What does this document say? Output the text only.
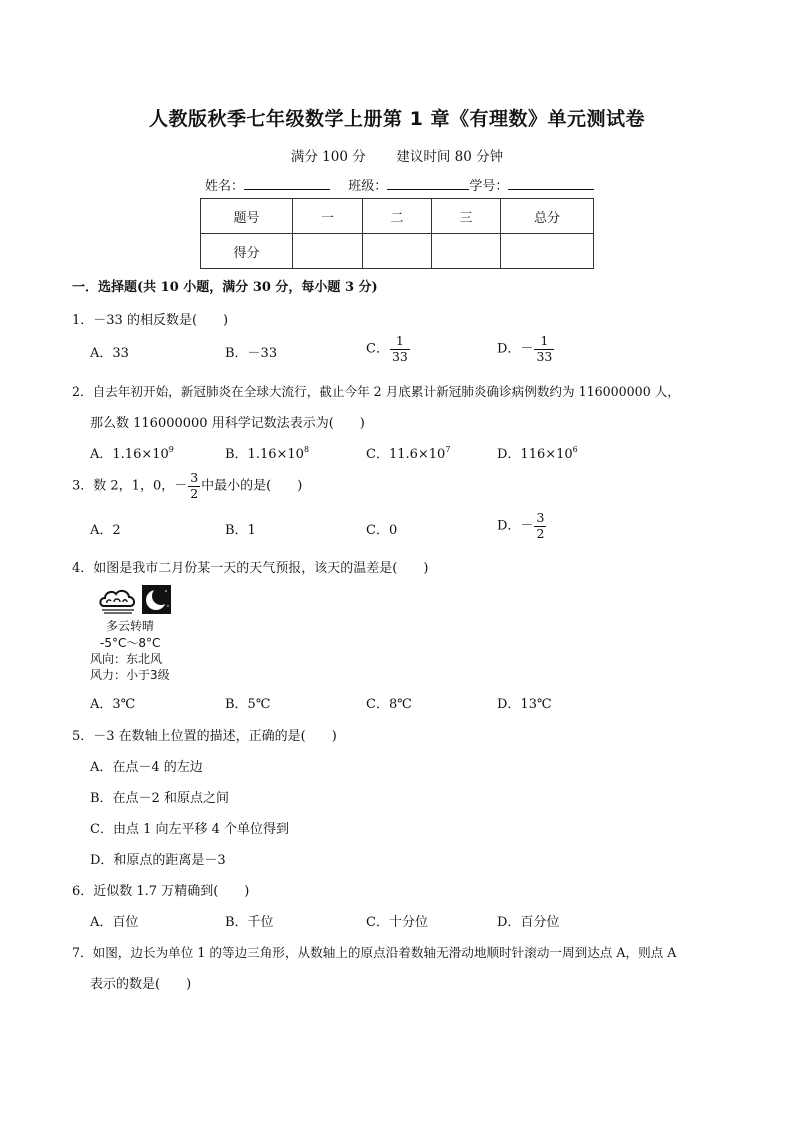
人教版秋季七年级数学上册第 1 章《有理数》单元测试卷
满分 100 分 建议时间 80 分钟
姓名：	班级：	学号：
题号	一	二	三	总分
得分				
一．选择题(共 10 小题，满分 30 分，每小题 3 分)
1．－33 的相反数是(　　)
A．33	B．－33	C． $\frac{1}{33}$	D．－ $\frac{1}{33}$
2．自去年初开始，新冠肺炎在全球大流行，截止今年 2 月底累计新冠肺炎确诊病例数约为 116000000 人，
那么数 116000000 用科学记数法表示为(　　)
A．$1.16\times 10^9$	B．$1.16\times 10^8$	C．$11.6\times 10^7$	D．$116\times 10^6$
3．数 2，1，0，－ $\frac{3}{2}$ 中最小的是(　　)
A．2	B．1	C．0	D．－ $\frac{3}{2}$
4．如图是我市二月份某一天的天气预报，该天的温差是(　　)
多云转晴
-5°C～8°C
风向：东北风
风力：小于3级
A．3℃	B．5℃	C．8℃	D．13℃
5．－3 在数轴上位置的描述，正确的是(　　)
A．在点－4 的左边
B．在点－2 和原点之间
C．由点 1 向左平移 4 个单位得到
D．和原点的距离是－3
6．近似数 1.7 万精确到(　　)
A．百位	B．千位	C．十分位	D．百分位
7．如图，边长为单位 1 的等边三角形，从数轴上的原点沿着数轴无滑动地顺时针滚动一周到达点 A，则点 A
表示的数是(　　)
